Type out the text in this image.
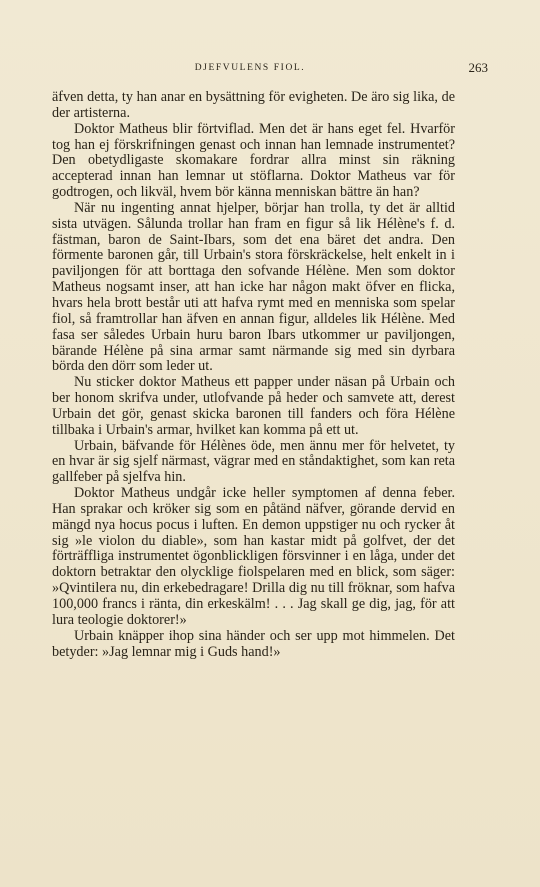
DJEFVULENS FIOL.	263

äfven detta, ty han anar en bysättning för evigheten. De äro sig lika, de der artisterna.

Doktor Matheus blir förtviflad. Men det är hans eget fel. Hvarför tog han ej förskrifningen genast och innan han lemnade instrumentet? Den obetydligaste skomakare fordrar allra minst sin räkning accepterad innan han lemnar ut stöflarna. Doktor Matheus var för godtrogen, och likväl, hvem bör känna menniskan bättre än han?

När nu ingenting annat hjelper, börjar han trolla, ty det är alltid sista utvägen. Sålunda trollar han fram en figur så lik Hélène's f. d. fästman, baron de Saint-Ibars, som det ena bäret det andra. Den förmente baronen går, till Urbain's stora förskräckelse, helt enkelt in i paviljongen för att borttaga den sofvande Hélène. Men som doktor Matheus nogsamt inser, att han icke har någon makt öfver en flicka, hvars hela brott består uti att hafva rymt med en menniska som spelar fiol, så framtrollar han äfven en annan figur, alldeles lik Hélène. Med fasa ser således Urbain huru baron Ibars utkommer ur paviljongen, bärande Hélène på sina armar samt närmande sig med sin dyrbara börda den dörr som leder ut.

Nu sticker doktor Matheus ett papper under näsan på Urbain och ber honom skrifva under, utlofvande på heder och samvete att, derest Urbain det gör, genast skicka baronen till fanders och föra Hélène tillbaka i Urbain's armar, hvilket kan komma på ett ut.

Urbain, bäfvande för Hélènes öde, men ännu mer för helvetet, ty en hvar är sig sjelf närmast, vägrar med en ståndaktighet, som kan reta gallfeber på sjelfva hin.

Doktor Matheus undgår icke heller symptomen af denna feber. Han sprakar och kröker sig som en påtänd näfver, görande dervid en mängd nya hocus pocus i luften. En demon uppstiger nu och rycker åt sig »le violon du diable», som han kastar midt på golfvet, der det förträffliga instrumentet ögonblickligen försvinner i en låga, under det doktorn betraktar den olycklige fiolspelaren med en blick, som säger: »Qvintilera nu, din erkebedragare! Drilla dig nu till fröknar, som hafva 100,000 francs i ränta, din erkeskälm! . . . Jag skall ge dig, jag, för att lura teologie doktorer!»

Urbain knäpper ihop sina händer och ser upp mot himmelen. Det betyder: »Jag lemnar mig i Guds hand!»
